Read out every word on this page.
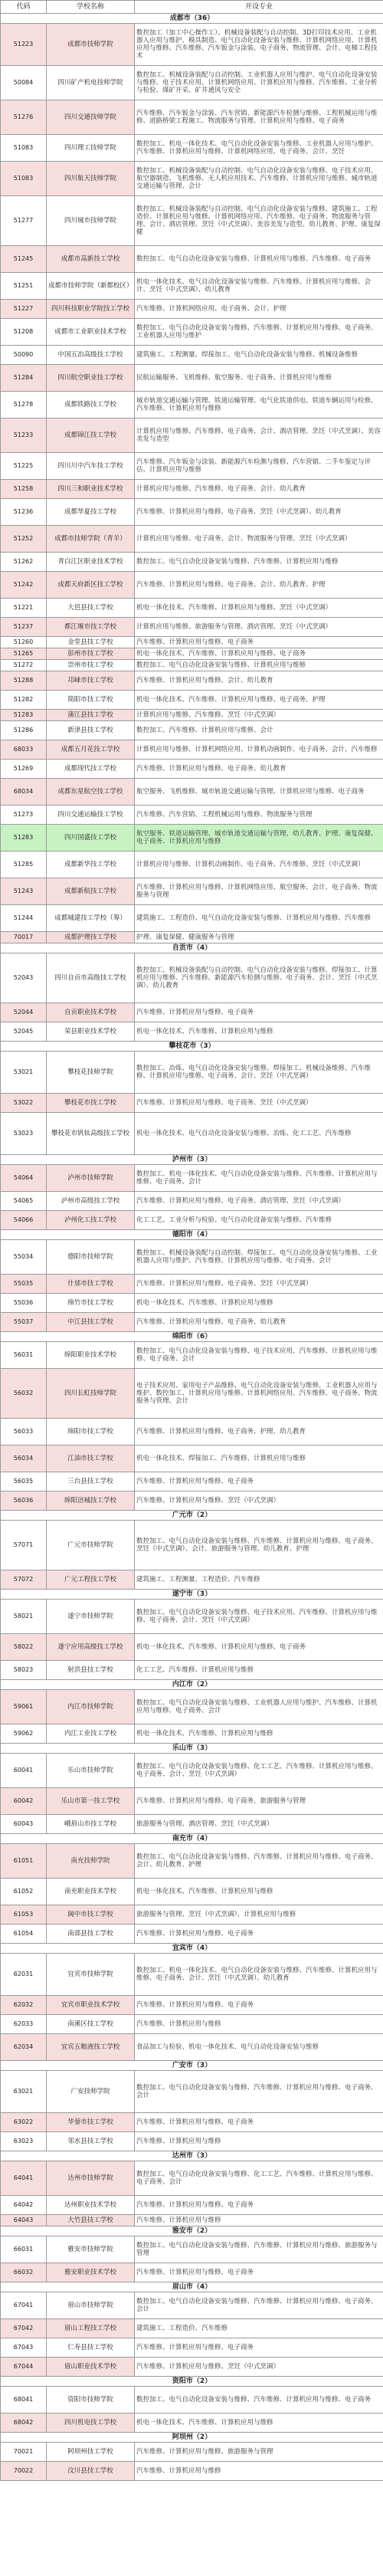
代码	学校名称	开设专业
成都市（36）		
51223	成都市技师学院	数控加工（加工中心操作工）、机械设备装配与自动控制、3D打印技术应用、工业机器人应用与维护、模具制造、电气自动化设备安装与维修、计算机网络应用、计算机应用与维修、汽车维修、汽车钣金与涂装、电子商务、物流管理、会计、电梯工程技术
50084	四川矿产机电技师学院	数控加工、机械设备装配与自动控制、工业机器人应用与维护、电气自动化设备安装与维修、电子技术应用、计算机网络应用、计算机应用与维修、汽车维修、工业分析与检验、煤矿开采、矿井通风与安全
51276	四川交通技师学院	汽车维修、汽车钣金与涂装、汽车营销、新能源汽车检测与维修、工程机械运用与维修、道路桥梁工程施工、物流服务与管理、计算机应用与维修、电子商务
51083	四川理工技师学院	数控加工、机电一体化技术、电气自动化设备安装与维修、工业机器人应用与维护、汽车维修、计算机应用与维修、计算机网络应用、电子商务、会计、烹饪
51083	四川航天技师学院	数控加工、机械设备装配与自动控制、电气自动化设备安装与维修、电子技术应用、航空器制造、飞机维修、无人机应用技术、汽车维修、计算机应用与维修、城市轨道交通运输与管理、会计
51277	四川城市技师学院	数控加工、机械设备装配与自动控制、电气自动化设备安装与维修、建筑施工、工程造价、计算机应用与维修、计算机网络应用、汽车维修、电子商务、物流服务与管理、会计、酒店管理、烹饪（中式烹调）、美容美发与造型、幼儿教育、护理、康复保健
51245	成都市高新技工学校	数控加工、电气自动化设备安装与维修、计算机应用与维修、汽车维修、电子商务
51251	成都市技师学院（新都校区）	机电一体化技术、电气自动化设备安装与维修、汽车维修、计算机应用与维修、会计、烹饪（中式烹调）、幼儿教育
51227	四川科技职业学院技工学校	汽车维修、计算机网络应用、电子商务、会计、护理
51208	成都市工业职业技术学校	数控加工、电气自动化设备安装与维修、汽车维修、计算机应用与维修、电子商务、工业机器人应用与维护
50090	中国五冶高级技工学校	建筑施工、工程测量、焊接加工、电气自动化设备安装与维修、机械设备维修
51284	四川航空职业技工学校	民航运输服务、飞机维修、航空服务、电子商务、计算机应用与维修
51278	成都铁路技工学校	城市轨道交通运输与管理、铁道运输管理、电气化铁道供电、铁道车辆运用与检修、汽车维修、计算机应用与维修
51233	成都锦江技工学校	计算机应用与维修、汽车维修、电子商务、会计、酒店管理、烹饪（中式烹调）、美容美发与造型
51225	四川川中汽车技工学校	汽车维修、汽车钣金与涂装、新能源汽车检测与维修、汽车营销、二手车鉴定与评估、计算机应用与维修
51258	四川三和职业技术学校	计算机应用与维修、汽车维修、电子商务、会计、幼儿教育
51236	成都华夏技工学校	汽车维修、计算机应用与维修、电子商务、烹饪（中式烹调）、幼儿教育
51252	成都市技师学院（青羊）	计算机应用与维修、电子商务、会计、物流服务与管理、烹饪（中式烹调）
51262	青白江区职业技术学校	数控加工、电气自动化设备安装与维修、汽车维修、计算机应用与维修
51242	成都天府新区技工学校	汽车维修、计算机应用与维修、电子商务、会计、幼儿教育、护理
51221	大邑县技工学校	机电一体化技术、汽车维修、计算机应用与维修、烹饪（中式烹调）
51237	都江堰市技工学校	计算机应用与维修、旅游服务与管理、酒店管理、烹饪（中式烹调）
51260	金堂县技工学校	汽车维修、计算机应用与维修、电子商务
51265	彭州市技工学校	机电一体化技术、汽车维修、计算机应用与维修、电子商务
51272	崇州市技工学校	数控加工、电气自动化设备安装与维修、计算机应用与维修
51288	邛崃市技工学校	汽车维修、计算机应用与维修、会计、幼儿教育
51282	简阳市技工学校	机电一体化技术、汽车维修、计算机应用与维修、电子商务、护理
51283	蒲江县技工学校	计算机应用与维修、汽车维修、烹饪（中式烹调）
51286	新津县技工学校	数控加工、汽车维修、计算机应用与维修、会计
68033	成都五月花技工学校	计算机应用与维修、计算机网络应用、计算机动画制作、电子商务、会计、汽车维修
51269	成都现代技工学校	汽车维修、计算机应用与维修、电子商务、幼儿教育
68034	成都东星航空技工学校	航空服务、飞机维修、城市轨道交通运输与管理、计算机应用与维修、电子商务
51273	四川交通运输技工学校	汽车维修、汽车营销、工程机械运用与维修、物流服务与管理
51283	四川国盛技工学校	航空服务、铁道运输管理、城市轨道交通运输与管理、幼儿教育、护理、康复保健、电子商务、计算机应用与维修
51285	成都新华技工学校	计算机应用与维修、计算机动画制作、电子商务、汽车维修、烹饪（中式烹调）
51243	成都新航技工学校	汽车维修、计算机应用与维修、计算机网络应用、航空服务、会计、电子商务、物流服务与管理
51244	成都城建技工学校（筹）	建筑施工、工程造价、电气自动化设备安装与维修、计算机应用与维修、汽车维修
70017	成都护理技工学校	护理、康复保健、健康服务与管理
自贡市（4）		
52043	四川自贡市高级技工学校	数控加工、机械设备装配与自动控制、电气自动化设备安装与维修、焊接加工、计算机应用与维修、汽车维修、新能源汽车检测与维修、电子商务、会计、烹饪（中式烹调）、幼儿教育
52044	自贡职业技术学校	汽车维修、计算机应用与维修、电子商务
52045	荣县职业技术学校	机电一体化技术、汽车维修、计算机应用与维修
攀枝花市（3）		
53021	攀枝花技师学院	数控加工、冶炼、电气自动化设备安装与维修、焊接加工、机械设备维修、汽车维修、计算机应用与维修、电子商务、会计、烹饪（中式烹调）
53022	攀枝花市技工学校	汽车维修、计算机应用与维修、电子商务、烹饪（中式烹调）
53023	攀枝花市钒钛高级技工学校	机电一体化技术、电气自动化设备安装与维修、冶炼、化工工艺、汽车维修
泸州市（3）		
54064	泸州市技师学院	数控加工、机电一体化技术、电气自动化设备安装与维修、汽车维修、计算机应用与维修、电子商务、会计
54065	泸州市高级技工学校	汽车维修、计算机应用与维修、电子商务、酒店管理、烹饪（中式烹调）
54066	泸州化工技工学校	化工工艺、工业分析与检验、电气自动化设备安装与维修、汽车维修
德阳市（4）		
55034	德阳市技师学院	数控加工、机械设备装配与自动控制、焊接加工、电气自动化设备安装与维修、工业机器人应用与维护、汽车维修、计算机应用与维修、电子商务、会计
55035	什邡市技工学校	汽车维修、计算机应用与维修、电子商务、烹饪（中式烹调）
55036	绵竹市技工学校	机电一体化技术、汽车维修、计算机应用与维修
55037	中江县技工学校	汽车维修、计算机应用与维修、电子商务、幼儿教育
绵阳市（6）		
56031	绵阳职业技术学校	数控加工、电气自动化设备安装与维修、电子技术应用、汽车维修、计算机应用与维修、电子商务、会计
56032	四川长虹技师学院	电子技术应用、家用电子产品维修、电气自动化设备安装与维修、工业机器人应用与维护、数控加工、计算机应用与维修、计算机网络应用、汽车维修、电子商务、物流服务与管理、会计
56033	绵阳市技工学校	汽车维修、计算机应用与维修、电子商务、护理、幼儿教育
56034	江油市技工学校	机电一体化技术、焊接加工、汽车维修、计算机应用与维修
56035	三台县技工学校	汽车维修、计算机应用与维修、电子商务
56036	绵阳涪城技工学校	汽车维修、计算机应用与维修、烹饪（中式烹调）
广元市（2）		
57071	广元市技师学院	数控加工、电气自动化设备安装与维修、汽车维修、计算机应用与维修、电子商务、烹饪（中式烹调）、会计、旅游服务与管理、幼儿教育、护理
57072	广元工程技工学校	建筑施工、工程测量、工程造价、汽车维修
遂宁市（3）		
58021	遂宁市技师学院	数控加工、电气自动化设备安装与维修、电子技术应用、汽车维修、计算机应用与维修、电子商务、会计、烹饪（中式烹调）
58022	遂宁应用高级技工学校	机电一体化技术、汽车维修、计算机应用与维修、电子商务
58023	射洪县技工学校	化工工艺、汽车维修、计算机应用与维修
内江市（2）		
59061	内江市技师学院	数控加工、电气自动化设备安装与维修、工业机器人应用与维护、汽车维修、计算机应用与维修、电子商务、会计
59062	内江工业技工学校	机电一体化技术、汽车维修、计算机应用与维修
乐山市（3）		
60041	乐山市技师学院	数控加工、电气自动化设备安装与维修、化工工艺、汽车维修、计算机应用与维修、电子商务、会计、烹饪（中式烹调）
60042	乐山市第一技工学校	汽车维修、计算机应用与维修、电子商务、旅游服务与管理
60043	峨眉山市技工学校	旅游服务与管理、酒店管理、烹饪（中式烹调）
南充市（4）		
61051	南充技师学院	数控加工、电气自动化设备安装与维修、汽车维修、计算机应用与维修、电子商务、会计、幼儿教育、护理
61052	南充职业技术学校	机电一体化技术、汽车维修、计算机应用与维修
61053	阆中市技工学校	旅游服务与管理、烹饪（中式烹调）、计算机应用与维修
61054	南部县技工学校	汽车维修、计算机应用与维修、电子商务
宜宾市（4）		
62031	宜宾市技师学院	数控加工、机电一体化技术、电气自动化设备安装与维修、汽车维修、计算机应用与维修、电子商务、会计、烹饪（中式烹调）、幼儿教育
62032	宜宾市职业技术学校	汽车维修、计算机应用与维修、电子商务
62033	南溪区技工学校	汽车维修、计算机应用与维修
62034	宜宾五粮液技工学校	食品加工与检验、机电一体化技术、电气自动化设备安装与维修
广安市（3）		
63021	广安技师学院	数控加工、电气自动化设备安装与维修、汽车维修、计算机应用与维修、电子商务、会计
63022	华蓥市技工学校	汽车维修、计算机应用与维修、电子商务
63023	邻水县技工学校	汽车维修、计算机应用与维修
达州市（3）		
64041	达州市技师学院	数控加工、电气自动化设备安装与维修、化工工艺、汽车维修、计算机应用与维修、电子商务、会计
64042	达州职业技术学校	汽车维修、计算机应用与维修、电子商务
64043	大竹县技工学校	汽车维修、计算机应用与维修
雅安市（2）		
66031	雅安市技师学院	数控加工、电气自动化设备安装与维修、汽车维修、计算机应用与维修、旅游服务与管理
66032	雅安职业技术学校	汽车维修、计算机应用与维修、电子商务
眉山市（4）		
67041	眉山市技师学院	数控加工、电气自动化设备安装与维修、汽车维修、计算机应用与维修、电子商务、会计
67042	眉山工程技工学校	建筑施工、工程造价、汽车维修
67043	仁寿县技工学校	汽车维修、计算机应用与维修、电子商务
67044	眉山职业技术学校	汽车维修、计算机应用与维修、烹饪（中式烹调）
资阳市（2）		
68041	资阳市技师学院	数控加工、电气自动化设备安装与维修、汽车维修、计算机应用与维修、电子商务
68042	四川机电技工学校	机电一体化技术、汽车维修、计算机应用与维修
阿坝州（2）		
70021	阿坝州技工学校	汽车维修、计算机应用与维修、旅游服务与管理
70022	汶川县技工学校	汽车维修、计算机应用与维修
